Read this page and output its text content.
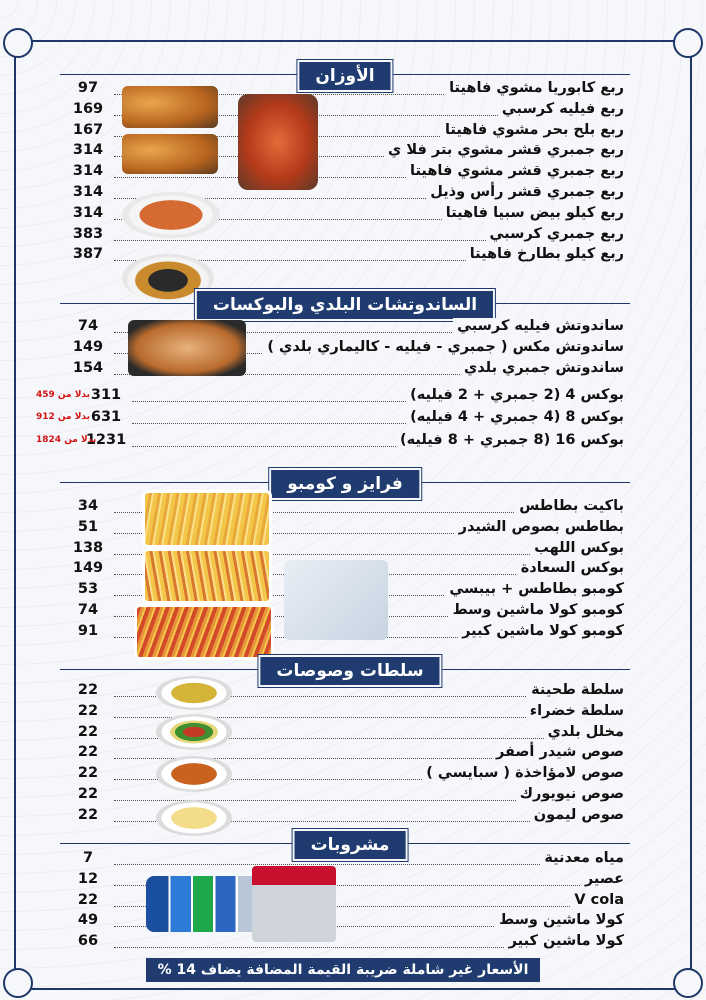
الأوزان
97	ربع كابوريا مشوي فاهيتا
169	ربع فيليه كرسبي
167	ربع بلح بحر مشوي فاهيتا
314	ربع جمبري قشر مشوي بتر فلا ي
314	ربع جمبري قشر مشوي فاهيتا
314	ربع جمبري قشر رأس وذيل
314	ربع كيلو بيض سبيا فاهيتا
383	ربع جمبري كرسبي
387	ربع كيلو بطارخ فاهيتا
الساندوتشات البلدي والبوكسات
74	ساندوتش فيليه كرسبي
149	ساندوتش مكس ( جمبري - فيليه - كاليماري بلدي )
154	ساندوتش جمبري بلدي
311	بوكس 4 (2 جمبري + 2 فيليه)
بدلا من 459
631	بوكس 8 (4 جمبري + 4 فيليه)
بدلا من 912
1231	بوكس 16 (8 جمبري + 8 فيليه)
بدلا من 1824
فرايز و كومبو
34	باكيت بطاطس
51	بطاطس بصوص الشيدر
138	بوكس اللهب
149	بوكس السعادة
53	كومبو بطاطس + بيبسي
74	كومبو كولا ماشين وسط
91	كومبو كولا ماشين كبير
سلطات وصوصات
22	سلطة طحينة
22	سلطة خضراء
22	مخلل بلدي
22	صوص شيدر أصفر
22	صوص لامؤاخذة ( سبايسي )
22	صوص نيويورك
22	صوص ليمون
مشروبات
7	مياه معدنية
12	عصير
22	V cola
49	كولا ماشين وسط
66	كولا ماشين كبير
الأسعار غير شاملة ضريبة القيمة المضافة يضاف 14 %
